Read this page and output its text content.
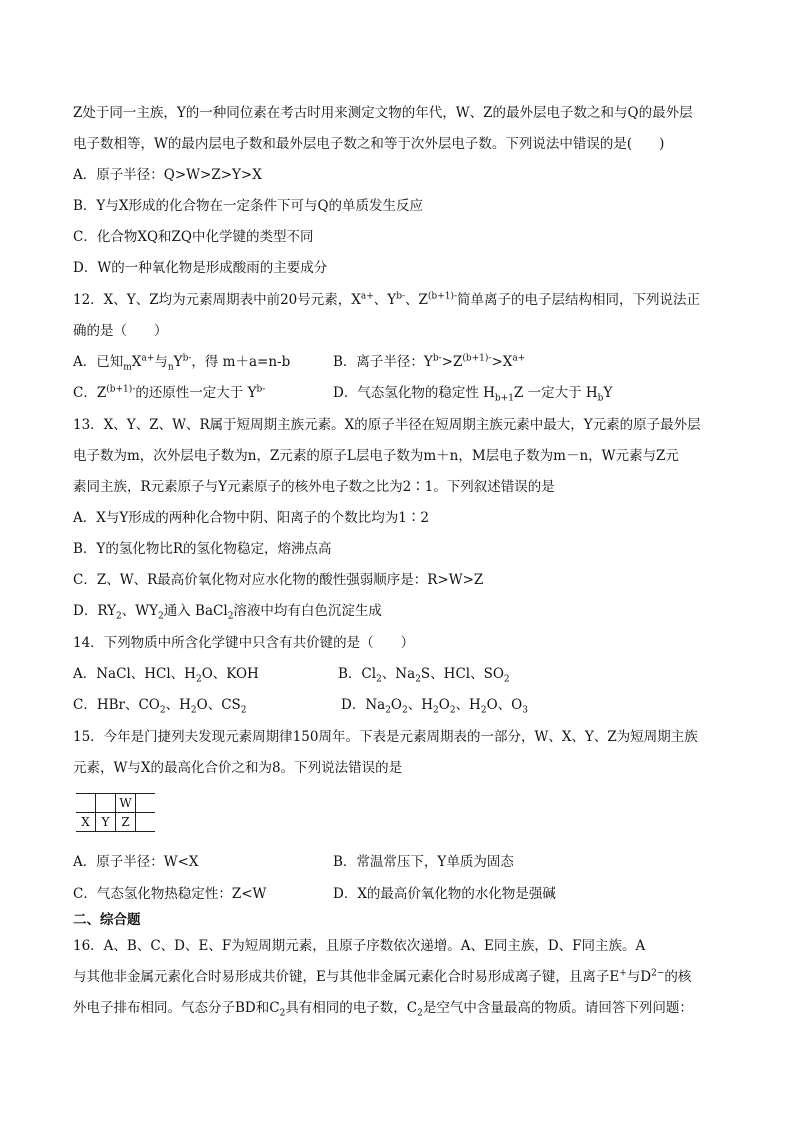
Z处于同一主族，Y的一种同位素在考古时用来测定文物的年代，W、Z的最外层电子数之和与Q的最外层
电子数相等，W的最内层电子数和最外层电子数之和等于次外层电子数。下列说法中错误的是(　　)
A．原子半径：Q>W>Z>Y>X
B．Y与X形成的化合物在一定条件下可与Q的单质发生反应
C．化合物XQ和ZQ中化学键的类型不同
D．W的一种氧化物是形成酸雨的主要成分
12．X、Y、Z均为元素周期表中前20号元素，$X^{a+}$、$Y^{b-}$、$Z^{(b+1)-}$简单离子的电子层结构相同，下列说法正
确的是（　　）
A．已知$_mX^{a+}$与$_nY^{b-}$，得 m＋a=n-b	B．离子半径：$Y^{b-}>Z^{(b+1)-}>X^{a+}$
C．$Z^{(b+1)-}$的还原性一定大于 $Y^{b-}$	D．气态氢化物的稳定性 $H_{b+1}Z$ 一定大于 $H_bY$
13．X、Y、Z、W、R属于短周期主族元素。X的原子半径在短周期主族元素中最大，Y元素的原子最外层
电子数为m，次外层电子数为n，Z元素的原子L层电子数为m＋n，M层电子数为m－n，W元素与Z元
素同主族，R元素原子与Y元素原子的核外电子数之比为2∶1。下列叙述错误的是
A．X与Y形成的两种化合物中阴、阳离子的个数比均为1∶2
B．Y的氢化物比R的氢化物稳定，熔沸点高
C．Z、W、R最高价氧化物对应水化物的酸性强弱顺序是：R>W>Z
D．$RY_2$、$WY_2$通入 BaCl$_2$溶液中均有白色沉淀生成
14．下列物质中所含化学键中只含有共价键的是（　　）
A．NaCl、HCl、$H_2O$、KOH	B．$Cl_2$、$Na_2S$、HCl、$SO_2$
C．HBr、$CO_2$、$H_2O$、$CS_2$	D．$Na_2O_2$、$H_2O_2$、$H_2O$、$O_3$
15．今年是门捷列夫发现元素周期律150周年。下表是元素周期表的一部分，W、X、Y、Z为短周期主族
元素，W与X的最高化合价之和为8。下列说法错误的是
		W	
X	Y	Z	
A．原子半径：W<X	B．常温常压下，Y单质为固态
C．气态氢化物热稳定性：Z<W	D．X的最高价氧化物的水化物是强碱
二、综合题
16．A、B、C、D、E、F为短周期元素，且原子序数依次递增。A、E同主族，D、F同主族。A
与其他非金属元素化合时易形成共价键，E与其他非金属元素化合时易形成离子键，且离子E+与$D^{2-}$的核
外电子排布相同。气态分子BD和$C_2$具有相同的电子数，$C_2$是空气中含量最高的物质。请回答下列问题：
